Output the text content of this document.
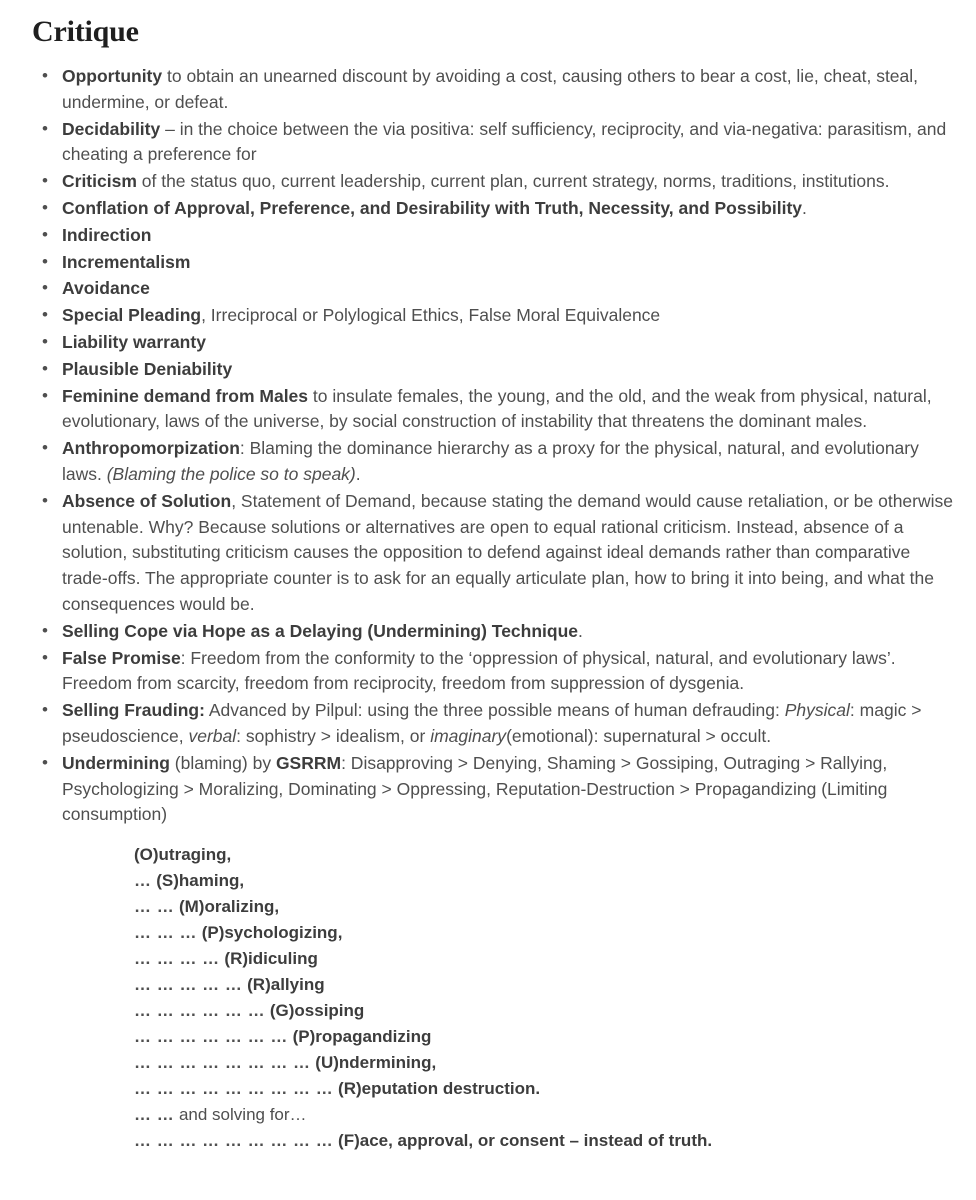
Critique
• Opportunity to obtain an unearned discount by avoiding a cost, causing others to bear a cost, lie, cheat, steal, undermine, or defeat.
• Decidability – in the choice between the via positiva: self sufficiency, reciprocity, and via-negativa: parasitism, and cheating a preference for
• Criticism of the status quo, current leadership, current plan, current strategy, norms, traditions, institutions.
• Conflation of Approval, Preference, and Desirability with Truth, Necessity, and Possibility.
• Indirection
• Incrementalism
• Avoidance
• Special Pleading, Irreciprocal or Polylogical Ethics, False Moral Equivalence
• Liability warranty
• Plausible Deniability
• Feminine demand from Males to insulate females, the young, and the old, and the weak from physical, natural, evolutionary, laws of the universe, by social construction of instability that threatens the dominant males.
• Anthropomorpization: Blaming the dominance hierarchy as a proxy for the physical, natural, and evolutionary laws. (Blaming the police so to speak).
• Absence of Solution, Statement of Demand, because stating the demand would cause retaliation, or be otherwise untenable. Why? Because solutions or alternatives are open to equal rational criticism. Instead, absence of a solution, substituting criticism causes the opposition to defend against ideal demands rather than comparative trade-offs. The appropriate counter is to ask for an equally articulate plan, how to bring it into being, and what the consequences would be.
• Selling Cope via Hope as a Delaying (Undermining) Technique.
• False Promise: Freedom from the conformity to the ‘oppression of physical, natural, and evolutionary laws’. Freedom from scarcity, freedom from reciprocity, freedom from suppression of dysgenia.
• Selling Frauding: Advanced by Pilpul: using the three possible means of human defrauding: Physical: magic > pseudoscience, verbal: sophistry > idealism, or imaginary(emotional): supernatural > occult.
• Undermining (blaming) by GSRRM: Disapproving > Denying, Shaming > Gossiping, Outraging > Rallying, Psychologizing > Moralizing, Dominating > Oppressing, Reputation-Destruction > Propagandizing (Limiting consumption)
(O)utraging,
… (S)haming,
… … (M)oralizing,
… … … (P)sychologizing,
… … … … (R)idiculing
… … … … … (R)allying
… … … … … … (G)ossiping
… … … … … … … (P)ropagandizing
… … … … … … … … (U)ndermining,
… … … … … … … … … (R)eputation destruction.
… … and solving for…
… … … … … … … … … (F)ace, approval, or consent – instead of truth.
